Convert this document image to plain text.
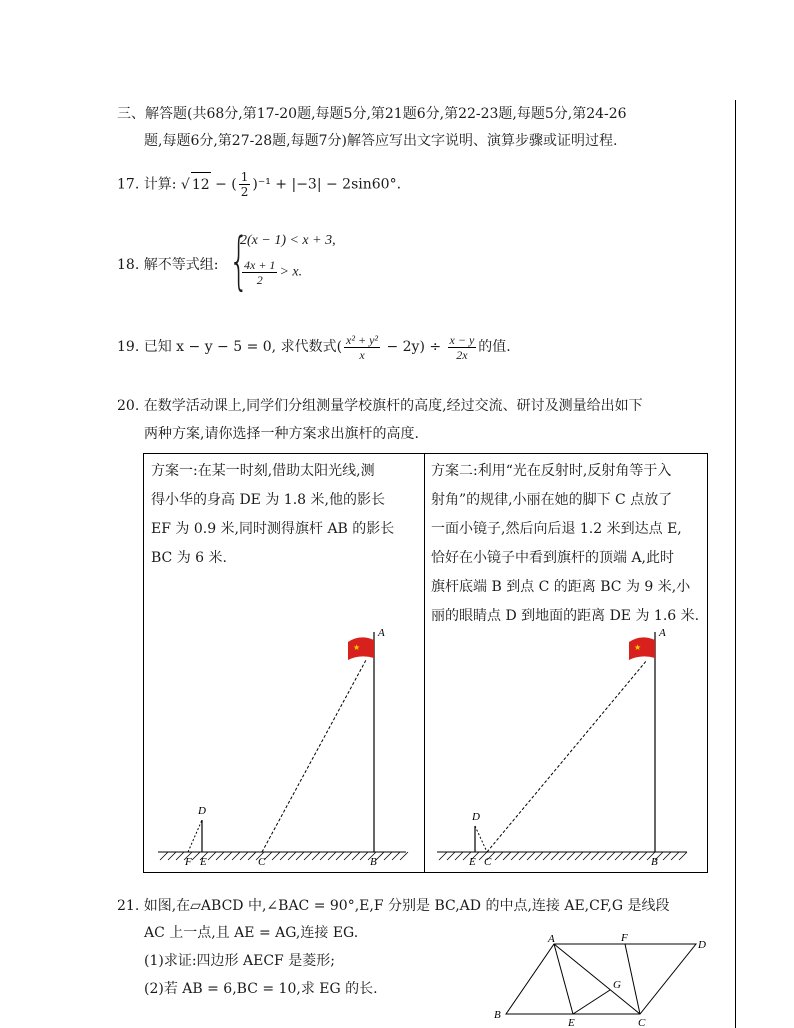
三、解答题(共68分,第17-20题,每题5分,第21题6分,第22-23题,每题5分,第24-26
题,每题6分,第27-28题,每题7分)解答应写出文字说明、演算步骤或证明过程.
17. 计算: √ 12 − ( $\frac{1}{2} )^{-1} + |-3| - 2\sin 60^\circ$.
18. 解不等式组: {
2(x − 1) < x + 3,
$\frac{4x + 1}{2} > x$.
19. 已知 x − y − 5 = 0, 求代数式( $\frac{\text{x² + y²}}{x} - 2y) \div \frac{x - y}{2x}$ 的值.
20. 在数学活动课上,同学们分组测量学校旗杆的高度,经过交流、研讨及测量给出如下
两种方案,请你选择一种方案求出旗杆的高度.
方案一:在某一时刻,借助太阳光线,测
得小华的身高 DE 为 1.8 米,他的影长
EF 为 0.9 米,同时测得旗杆 AB 的影长
BC 为 6 米.
方案二:利用“光在反射时,反射角等于入
射角”的规律,小丽在她的脚下 C 点放了
一面小镜子,然后向后退 1.2 米到达点 E,
恰好在小镜子中看到旗杆的顶端 A,此时
旗杆底端 B 到点 C 的距离 BC 为 9 米,小
丽的眼睛点 D 到地面的距离 DE 为 1.6 米.
★
A
B
C
D
E
F
★
A
B
C
D
E
21. 如图,在▱ABCD 中,∠BAC = 90°,E,F 分别是 BC,AD 的中点,连接 AE,CF,G 是线段
AC 上一点,且 AE = AG,连接 EG.
(1)求证:四边形 AECF 是菱形;
(2)若 AB = 6,BC = 10,求 EG 的长.
A
B
C
D
E
F
G
